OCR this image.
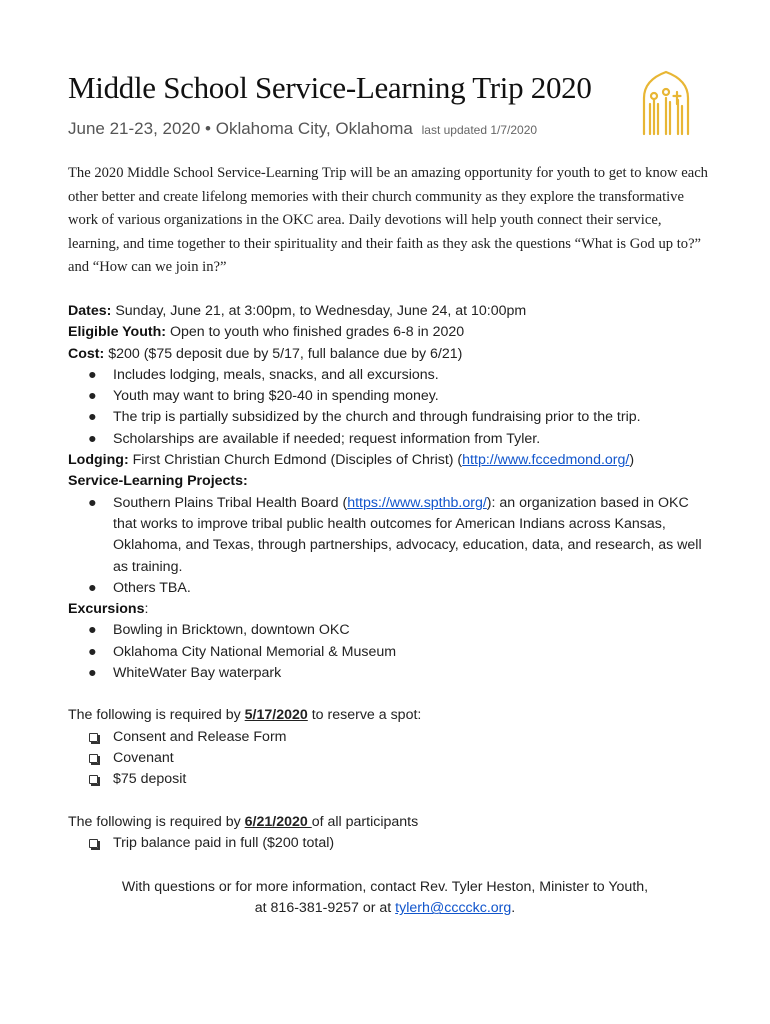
Middle School Service-Learning Trip 2020
June 21-23, 2020 • Oklahoma City, Oklahoma last updated 1/7/2020
The 2020 Middle School Service-Learning Trip will be an amazing opportunity for youth to get to know each other better and create lifelong memories with their church community as they explore the transformative work of various organizations in the OKC area. Daily devotions will help youth connect their service, learning, and time together to their spirituality and their faith as they ask the questions “What is God up to?” and “How can we join in?”

Dates: Sunday, June 21, at 3:00pm, to Wednesday, June 24, at 10:00pm

Eligible Youth: Open to youth who finished grades 6-8 in 2020

Cost: $200 ($75 deposit due by 5/17, full balance due by 6/21)

● Includes lodging, meals, snacks, and all excursions.
● Youth may want to bring $20-40 in spending money.
● The trip is partially subsidized by the church and through fundraising prior to the trip.
● Scholarships are available if needed; request information from Tyler.

Lodging: First Christian Church Edmond (Disciples of Christ) (http://www.fccedmond.org/)

Service-Learning Projects:

● Southern Plains Tribal Health Board (https://www.spthb.org/): an organization based in OKC that works to improve tribal public health outcomes for American Indians across Kansas, Oklahoma, and Texas, through partnerships, advocacy, education, data, and research, as well as training.
● Others TBA.

Excursions:

● Bowling in Bricktown, downtown OKC
● Oklahoma City National Memorial & Museum
● WhiteWater Bay waterpark

The following is required by 5/17/2020 to reserve a spot:

Consent and Release Form
Covenant
$75 deposit

The following is required by 6/21/2020 of all participants

Trip balance paid in full ($200 total)
With questions or for more information, contact Rev. Tyler Heston, Minister to Youth,
at 816-381-9257 or at tylerh@cccckc.org.
